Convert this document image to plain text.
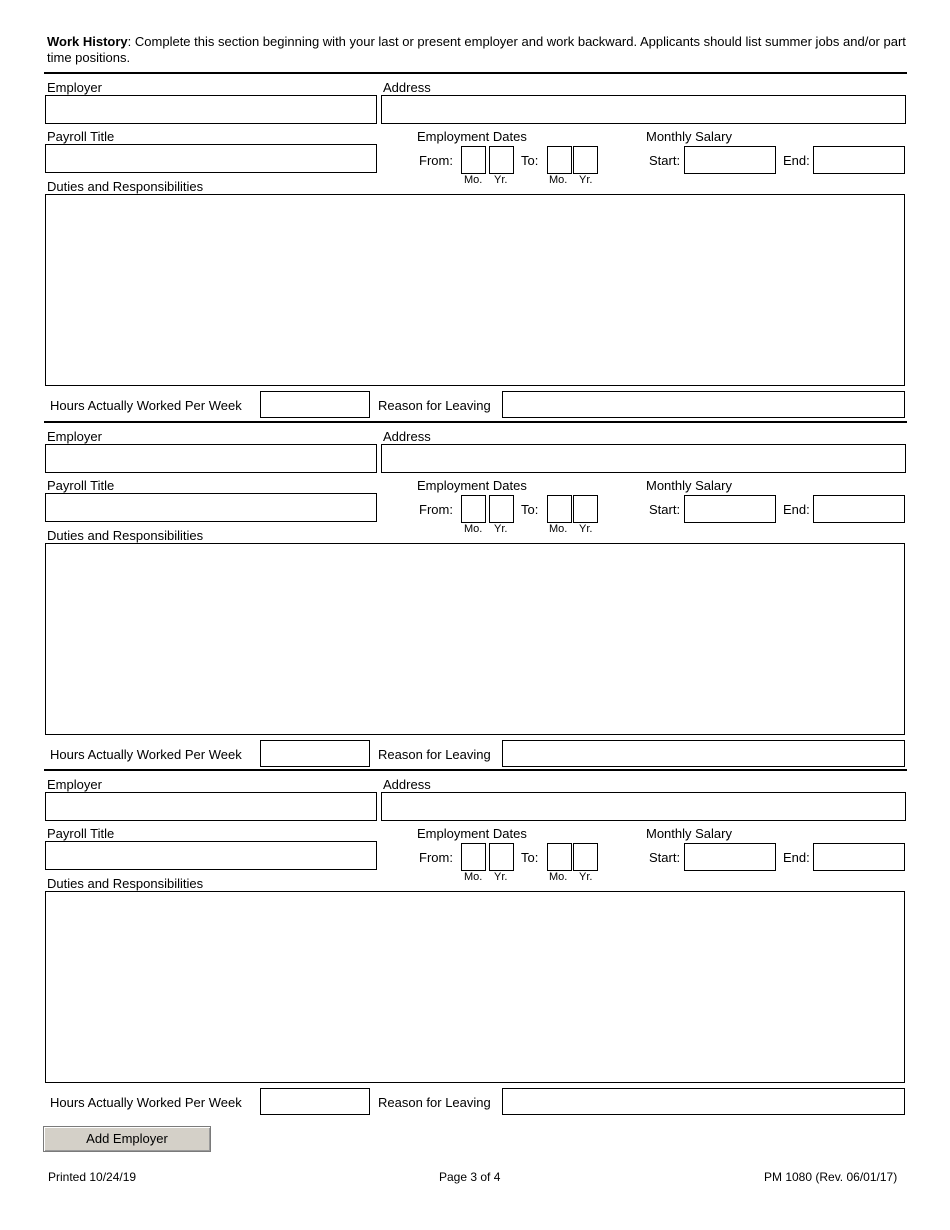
Work History: Complete this section beginning with your last or present employer and work backward. Applicants should list summer jobs and/or part time positions.
Employer	Address
Payroll Title	Employment Dates	Monthly Salary
From:	To:
Mo. Yr.	Mo. Yr.
Start:	End:
Duties and Responsibilities
Hours Actually Worked Per Week	Reason for Leaving
Employer	Address
Payroll Title	Employment Dates	Monthly Salary
From:	To:
Mo. Yr.	Mo. Yr.
Start:	End:
Duties and Responsibilities
Hours Actually Worked Per Week	Reason for Leaving
Employer	Address
Payroll Title	Employment Dates	Monthly Salary
From:	To:
Mo. Yr.	Mo. Yr.
Start:	End:
Duties and Responsibilities
Hours Actually Worked Per Week	Reason for Leaving
Add Employer
Printed 10/24/19	Page 3 of 4	PM 1080 (Rev. 06/01/17)
